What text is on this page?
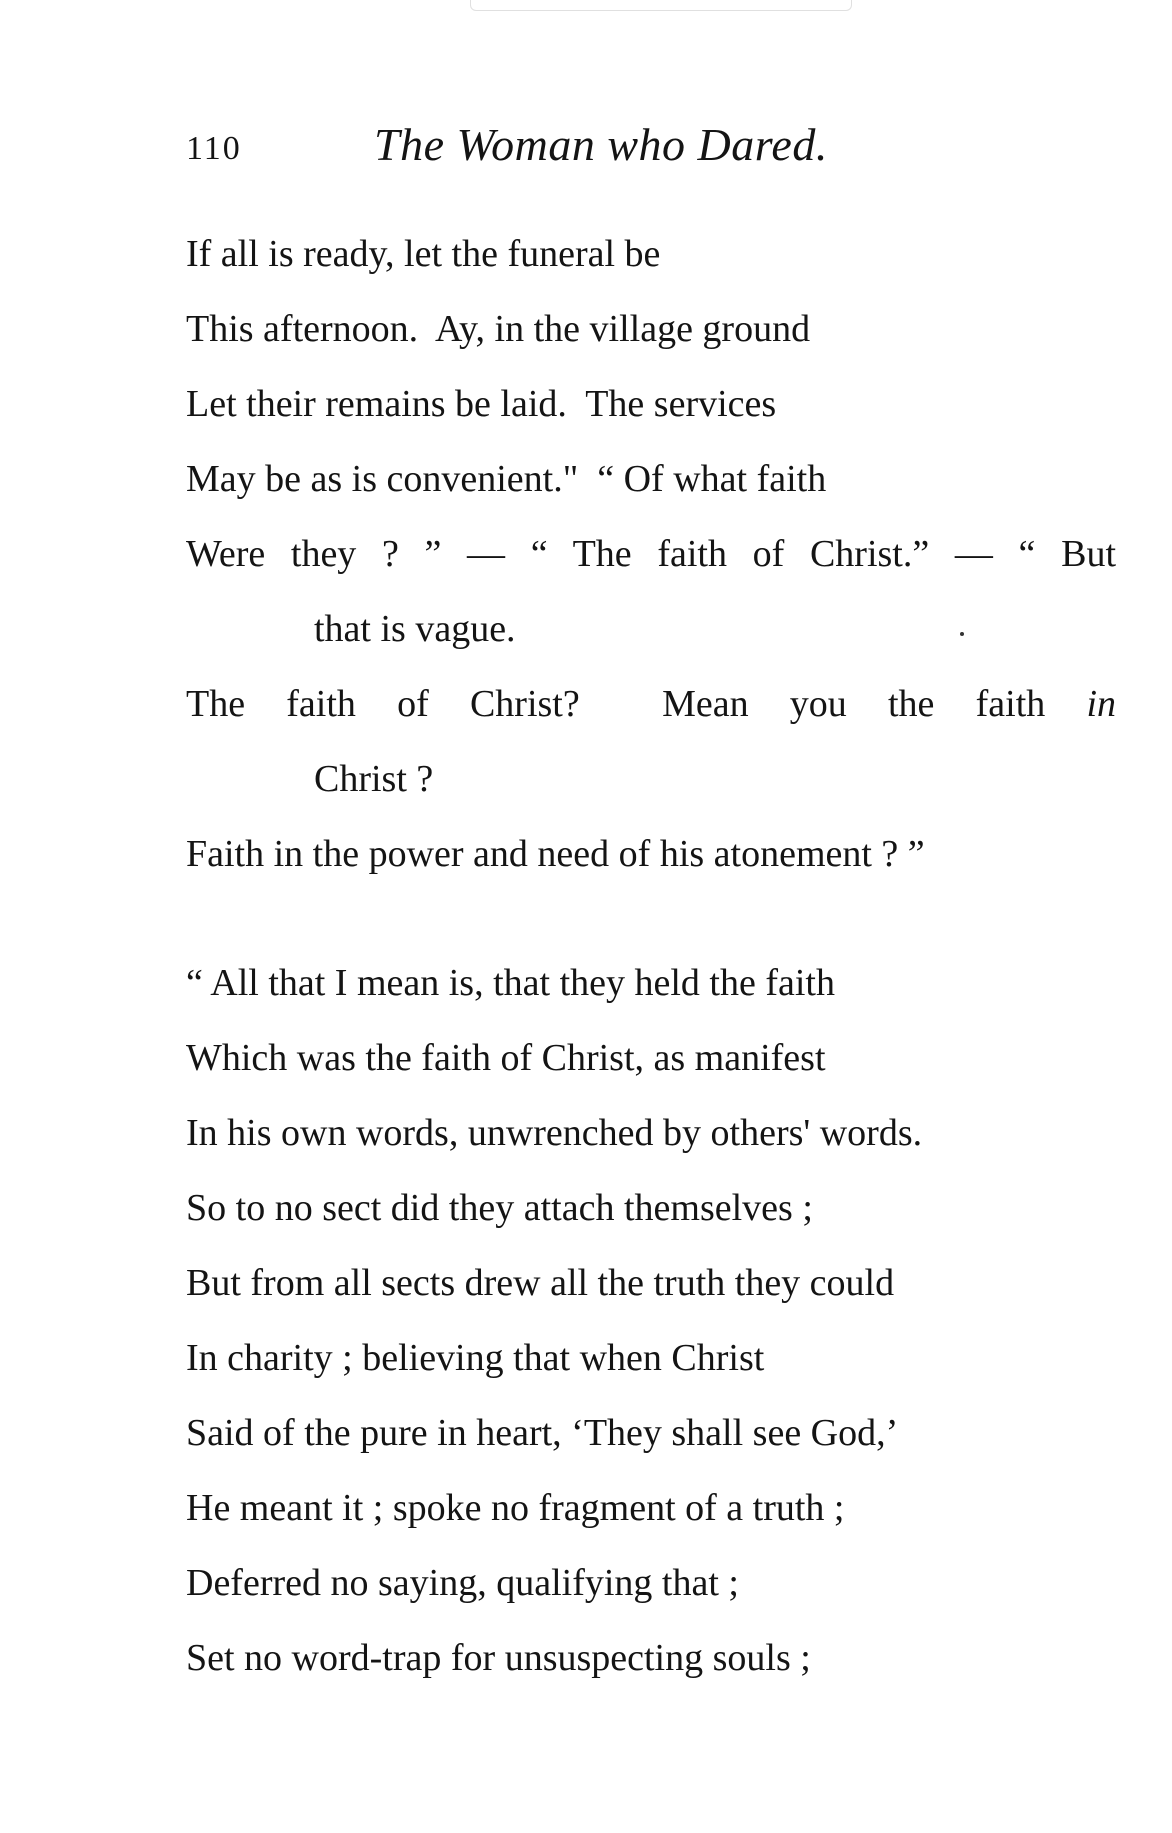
110	The Woman who Dared.
If all is ready, let the funeral be
This afternoon.  Ay, in the village ground
Let their remains be laid.  The services
May be as is convenient."  “ Of what faith
Were they ? ” — “ The faith of Christ.” — “ But
that is vague.
The faith of Christ?  Mean you the faith in
Christ ?
Faith in the power and need of his atonement ? ”
“ All that I mean is, that they held the faith
Which was the faith of Christ, as manifest
In his own words, unwrenched by others' words.
So to no sect did they attach themselves ;
But from all sects drew all the truth they could
In charity ; believing that when Christ
Said of the pure in heart, ‘They shall see God,’
He meant it ; spoke no fragment of a truth ;
Deferred no saying, qualifying that ;
Set no word-trap for unsuspecting souls ;
